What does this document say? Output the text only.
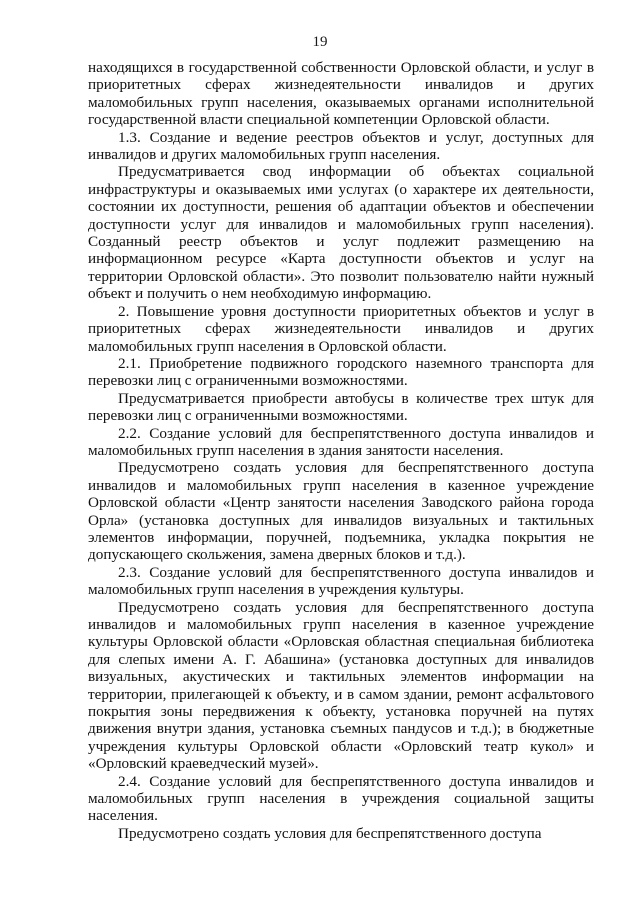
19

находящихся в государственной собственности Орловской области, и услуг в приоритетных сферах жизнедеятельности инвалидов и других маломобильных групп населения, оказываемых органами исполнительной государственной власти специальной компетенции Орловской области.

1.3. Создание и ведение реестров объектов и услуг, доступных для инвалидов и других маломобильных групп населения.

Предусматривается свод информации об объектах социальной инфраструктуры и оказываемых ими услугах (о характере их деятельности, состоянии их доступности, решения об адаптации объектов и обеспечении доступности услуг для инвалидов и маломобильных групп населения). Созданный реестр объектов и услуг подлежит размещению на информационном ресурсе «Карта доступности объектов и услуг на территории Орловской области». Это позволит пользователю найти нужный объект и получить о нем необходимую информацию.

2. Повышение уровня доступности приоритетных объектов и услуг в приоритетных сферах жизнедеятельности инвалидов и других маломобильных групп населения в Орловской области.

2.1. Приобретение подвижного городского наземного транспорта для перевозки лиц с ограниченными возможностями.

Предусматривается приобрести автобусы в количестве трех штук для перевозки лиц с ограниченными возможностями.

2.2. Создание условий для беспрепятственного доступа инвалидов и маломобильных групп населения в здания занятости населения.

Предусмотрено создать условия для беспрепятственного доступа инвалидов и маломобильных групп населения в казенное учреждение Орловской области «Центр занятости населения Заводского района города Орла» (установка доступных для инвалидов визуальных и тактильных элементов информации, поручней, подъемника, укладка покрытия не допускающего скольжения, замена дверных блоков и т.д.).

2.3. Создание условий для беспрепятственного доступа инвалидов и маломобильных групп населения в учреждения культуры.

Предусмотрено создать условия для беспрепятственного доступа инвалидов и маломобильных групп населения в казенное учреждение культуры Орловской области «Орловская областная специальная библиотека для слепых имени А. Г. Абашина» (установка доступных для инвалидов визуальных, акустических и тактильных элементов информации на территории, прилегающей к объекту, и в самом здании, ремонт асфальтового покрытия зоны передвижения к объекту, установка поручней на путях движения внутри здания, установка съемных пандусов и т.д.); в бюджетные учреждения культуры Орловской области «Орловский театр кукол» и «Орловский краеведческий музей».

2.4. Создание условий для беспрепятственного доступа инвалидов и маломобильных групп населения в учреждения социальной защиты населения.

Предусмотрено создать условия для беспрепятственного доступа
